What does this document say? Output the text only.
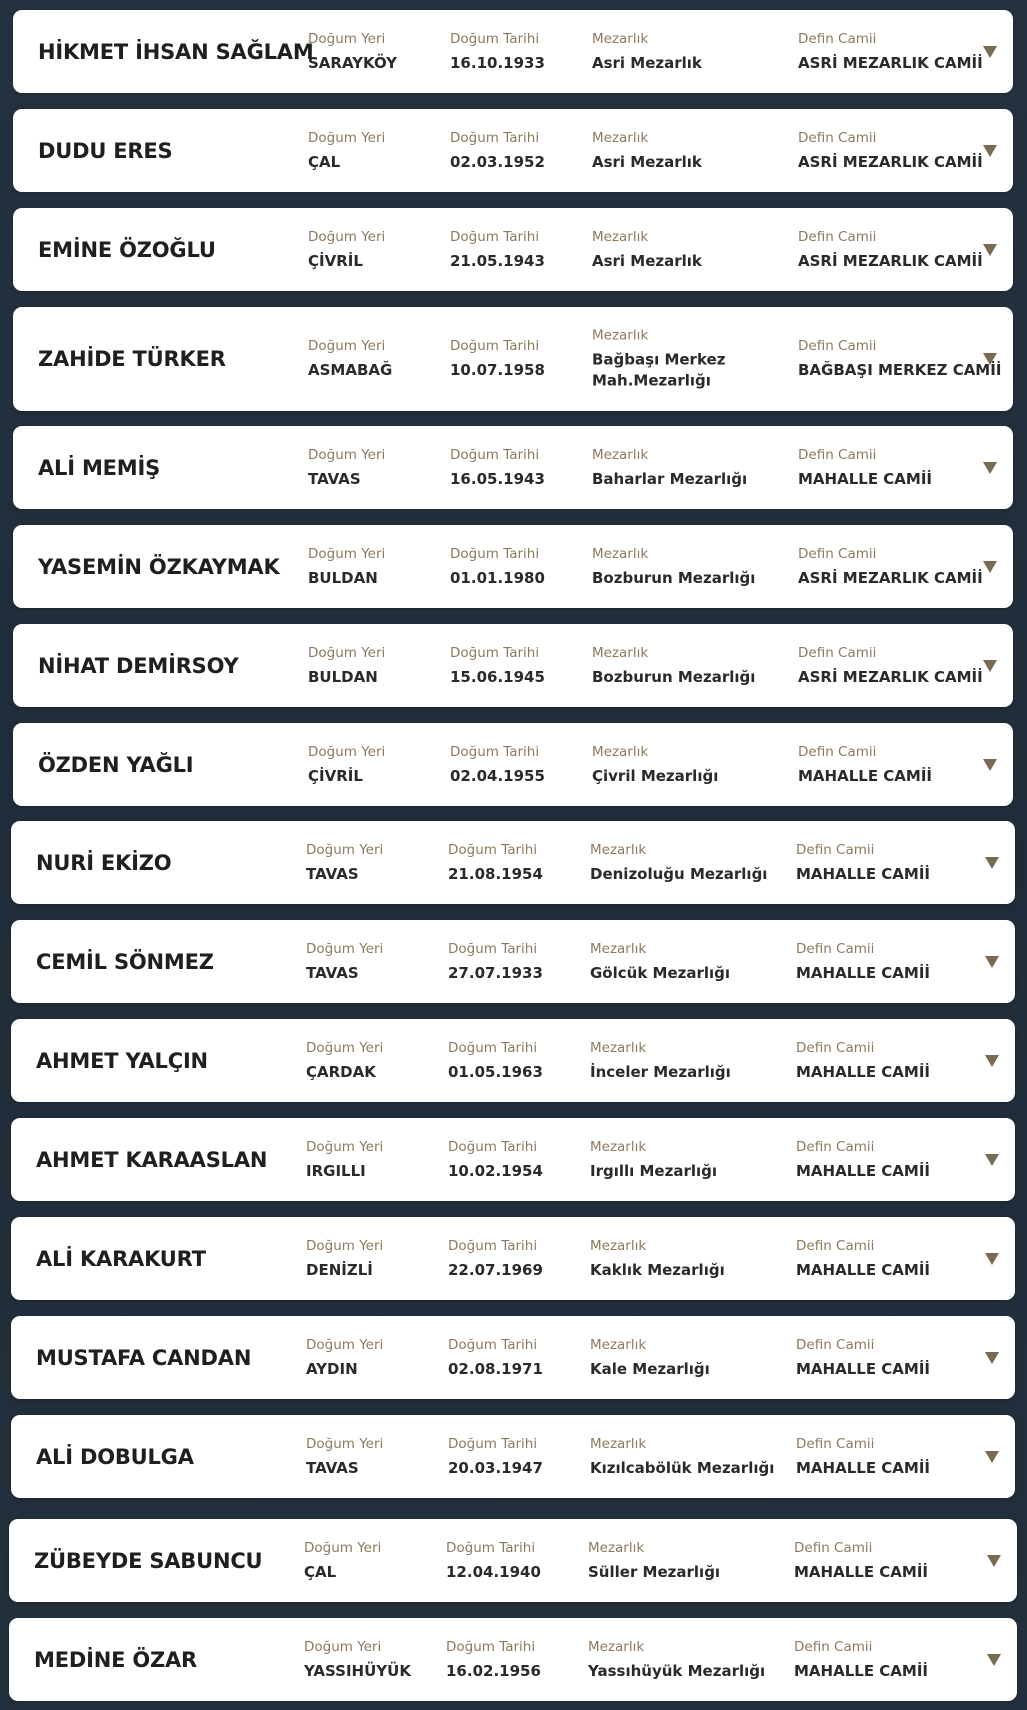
HİKMET İHSAN SAĞLAM
Doğum Yeri
SARAYKÖY
Doğum Tarihi
16.10.1933
Mezarlık
Asri Mezarlık
Defin Camii
ASRİ MEZARLIK CAMİİ
DUDU ERES
Doğum Yeri
ÇAL
Doğum Tarihi
02.03.1952
Mezarlık
Asri Mezarlık
Defin Camii
ASRİ MEZARLIK CAMİİ
EMİNE ÖZOĞLU
Doğum Yeri
ÇİVRİL
Doğum Tarihi
21.05.1943
Mezarlık
Asri Mezarlık
Defin Camii
ASRİ MEZARLIK CAMİİ
ZAHİDE TÜRKER
Doğum Yeri
ASMABAĞ
Doğum Tarihi
10.07.1958
Mezarlık
Bağbaşı Merkez
Mah.Mezarlığı
Defin Camii
BAĞBAŞI MERKEZ CAMİİ
ALİ MEMİŞ
Doğum Yeri
TAVAS
Doğum Tarihi
16.05.1943
Mezarlık
Baharlar Mezarlığı
Defin Camii
MAHALLE CAMİİ
YASEMİN ÖZKAYMAK
Doğum Yeri
BULDAN
Doğum Tarihi
01.01.1980
Mezarlık
Bozburun Mezarlığı
Defin Camii
ASRİ MEZARLIK CAMİİ
NİHAT DEMİRSOY
Doğum Yeri
BULDAN
Doğum Tarihi
15.06.1945
Mezarlık
Bozburun Mezarlığı
Defin Camii
ASRİ MEZARLIK CAMİİ
ÖZDEN YAĞLI
Doğum Yeri
ÇİVRİL
Doğum Tarihi
02.04.1955
Mezarlık
Çivril Mezarlığı
Defin Camii
MAHALLE CAMİİ
NURİ EKİZO
Doğum Yeri
TAVAS
Doğum Tarihi
21.08.1954
Mezarlık
Denizoluğu Mezarlığı
Defin Camii
MAHALLE CAMİİ
CEMİL SÖNMEZ
Doğum Yeri
TAVAS
Doğum Tarihi
27.07.1933
Mezarlık
Gölcük Mezarlığı
Defin Camii
MAHALLE CAMİİ
AHMET YALÇIN
Doğum Yeri
ÇARDAK
Doğum Tarihi
01.05.1963
Mezarlık
İnceler Mezarlığı
Defin Camii
MAHALLE CAMİİ
AHMET KARAASLAN
Doğum Yeri
IRGILLI
Doğum Tarihi
10.02.1954
Mezarlık
Irgıllı Mezarlığı
Defin Camii
MAHALLE CAMİİ
ALİ KARAKURT
Doğum Yeri
DENİZLİ
Doğum Tarihi
22.07.1969
Mezarlık
Kaklık Mezarlığı
Defin Camii
MAHALLE CAMİİ
MUSTAFA CANDAN
Doğum Yeri
AYDIN
Doğum Tarihi
02.08.1971
Mezarlık
Kale Mezarlığı
Defin Camii
MAHALLE CAMİİ
ALİ DOBULGA
Doğum Yeri
TAVAS
Doğum Tarihi
20.03.1947
Mezarlık
Kızılcabölük Mezarlığı
Defin Camii
MAHALLE CAMİİ
ZÜBEYDE SABUNCU
Doğum Yeri
ÇAL
Doğum Tarihi
12.04.1940
Mezarlık
Süller Mezarlığı
Defin Camii
MAHALLE CAMİİ
MEDİNE ÖZAR
Doğum Yeri
YASSIHÜYÜK
Doğum Tarihi
16.02.1956
Mezarlık
Yassıhüyük Mezarlığı
Defin Camii
MAHALLE CAMİİ
